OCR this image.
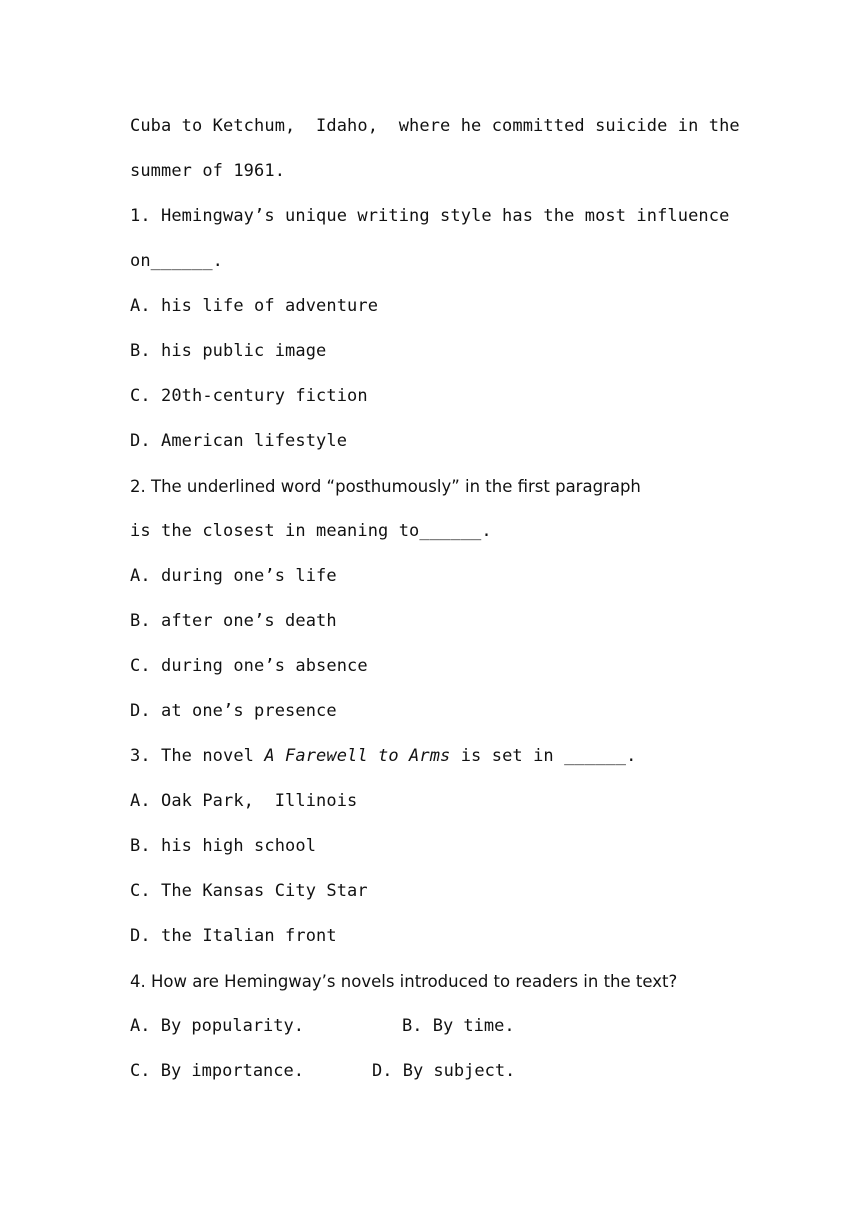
Cuba to Ketchum,  Idaho,  where he committed suicide in the
summer of 1961.
1. Hemingway’s unique writing style has the most influence
on______.
A. his life of adventure
B. his public image
C. 20th-century fiction
D. American lifestyle
2. The underlined word “posthumously” in the first paragraph
is the closest in meaning to______.
A. during one’s life
B. after one’s death
C. during one’s absence
D. at one’s presence
3. The novel A Farewell to Arms is set in ______.
A. Oak Park,  Illinois
B. his high school
C. The Kansas City Star
D. the Italian front
4. How are Hemingway’s novels introduced to readers in the text?
A. By popularity.	B. By time.
C. By importance.	D. By subject.
